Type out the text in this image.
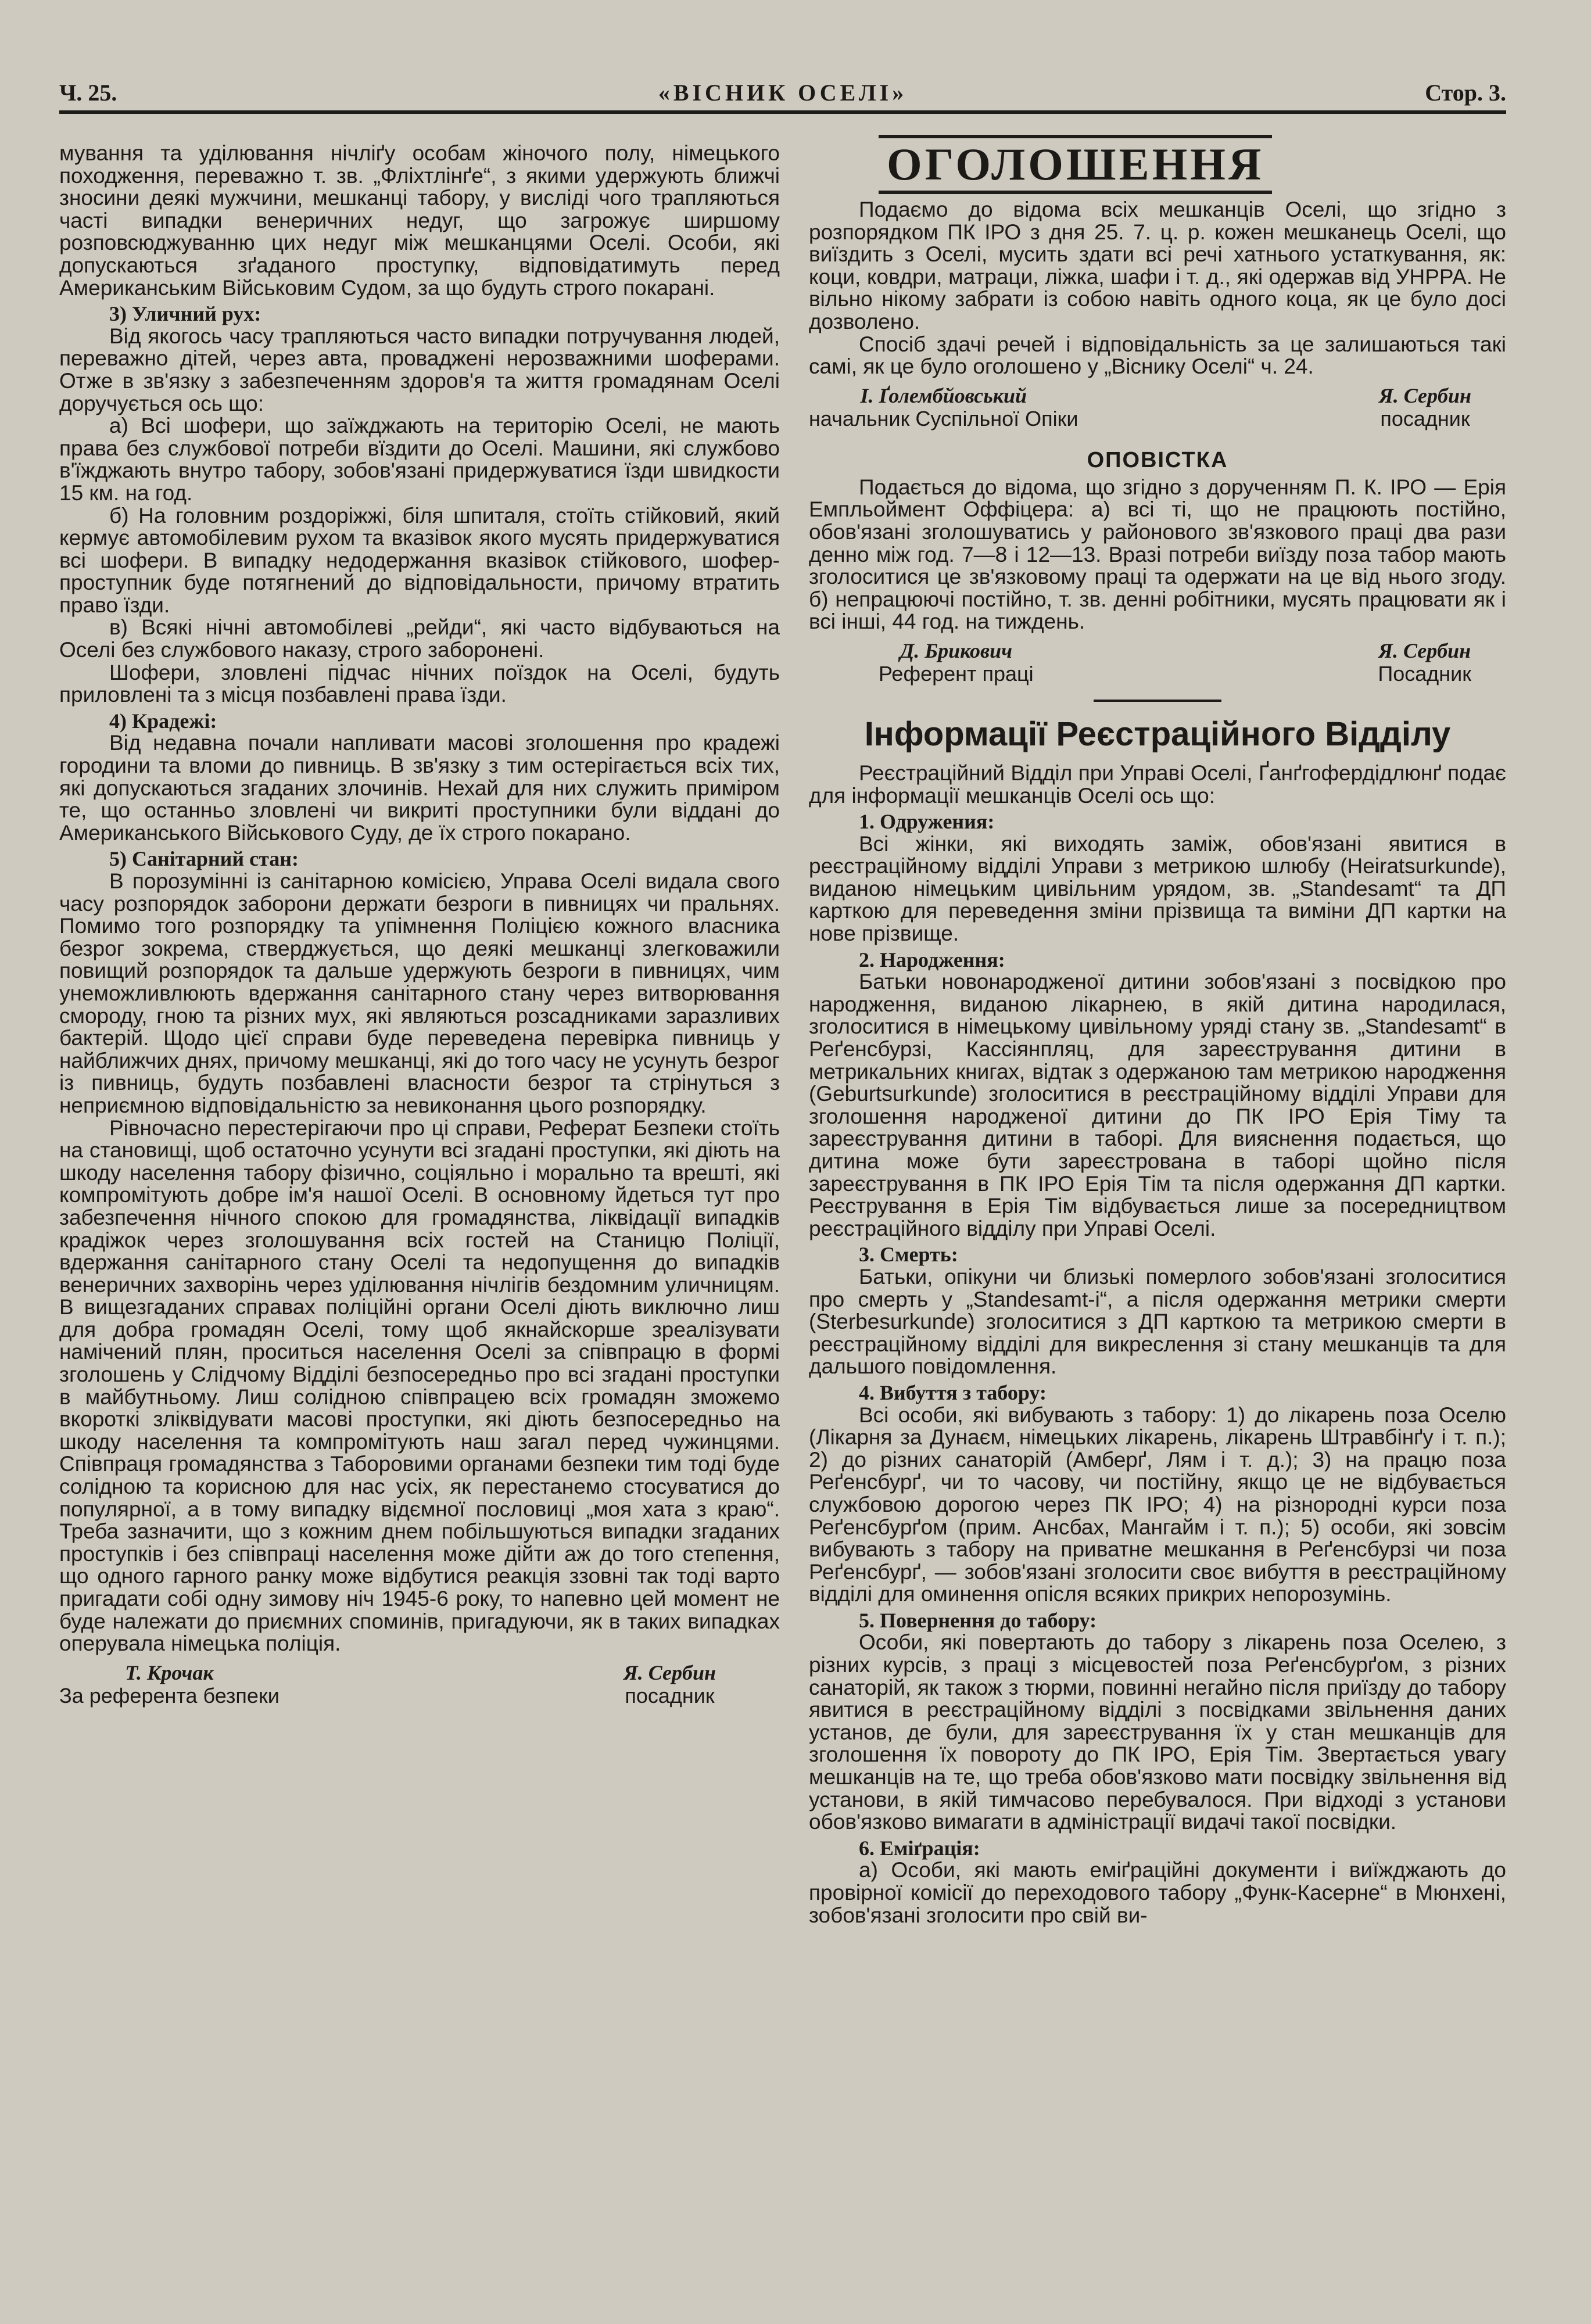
Ч. 25.	«ВІСНИК ОСЕЛІ»	Стор. 3.

мування та уділювання нічліґу особам жіночого полу, німецького походження, переважно т. зв. „Фліхтлінґе“, з якими удержують ближчі зносини деякі мужчини, мешканці табору, у висліді чого трапляються часті випадки венеричних недуг, що загрожує ширшому розповсюджуванню цих недуг між мешканцями Оселі. Особи, які допускаються зґаданого проступку, відповідатимуть перед Американським Військовим Судом, за що будуть строго покарані.

3) Уличний рух:

Від якогось часу трапляються часто випадки потручування людей, переважно дітей, через авта, провадженi нерозважними шоферами. Отже в зв'язку з забезпеченням здоров'я та життя громадянам Оселі доручується ось що:

а) Всі шофери, що заїжджають на територію Оселі, не мають права без службової потреби вїздити до Оселі. Машини, які службово в'їжджають внутро табору, зобов'язані придержуватися їзди швидкости 15 км. на год.

б) На головним роздоріжжі, біля шпиталя, стоїть стійковий, який кермує автомобілевим рухом та вказівок якого мусять придержуватися всі шофери. В випадку недодержання вказівок стійкового, шофер-проступник буде потягнений до відповідальности, причому втратить право їзди.

в) Всякі нічні автомобілеві „рейди“, які часто відбуваються на Оселі без службового наказу, строго заборонені.

Шофери, зловлені підчас нічних поїздок на Оселі, будуть приловлені та з місця позбавлені права їзди.

4) Крадежі:

Від недавна почали напливати масові зголошення про крадежі городини та вломи до пивниць. В зв'язку з тим остерігається всіх тих, які допускаються згаданих злочинів. Нехай для них служить приміром те, що останньо зловлені чи викриті проступники були віддані до Американського Військового Суду, де їх строго покарано.

5) Санітарний стан:

В порозумінні із санітарною комісією, Управа Оселі видала свого часу розпорядок заборони держати безроги в пивницях чи пральнях. Помимо того розпорядку та упімнення Поліцією кожного власника безрог зокрема, стверджується, що деякі мешканці злегковажили повищий розпорядок та дальше удержують безроги в пивницях, чим унеможливлюють вдержання санітарного стану через витворювання смороду, гною та різних мух, які являються розсадниками заразливих бактерій. Щодо цієї справи буде переведена перевірка пивниць у найближчих днях, причому мешканці, які до того часу не усунуть безрог із пивниць, будуть позбавлені власности безрог та стрінуться з неприємною відповідальністю за невиконання цього розпорядку.

Рівночасно перестерігаючи про ці справи, Реферат Безпеки стоїть на становищі, щоб остаточно усунути всі згадані проступки, які діють на шкоду населення табору фізично, соціяльно і морально та врешті, які компромітують добре ім'я нашої Оселі. В основному йдеться тут про забезпечення нічного спокою для громадянства, ліквідації випадків крадіжок через зголошування всіх гостей на Станицю Поліції, вдержання санітарного стану Оселі та недопущення до випадків венеричних захворінь через уділювання нічлігів бездомним уличницям. В вищезгаданих справах поліційні органи Оселі діють виключно лиш для добра громадян Оселі, тому щоб якнайскорше зреалізувати намічений плян, проситься населення Оселі за співпрацю в формі зголошень у Слідчому Відділі безпосередньо про всі згадані проступки в майбутньому. Лиш солідною співпрацею всіх громадян зможемо вкороткі зліквідувати масові проступки, які діють безпосередньо на шкоду населення та компромітують наш загал перед чужинцями. Співпраця громадянства з Таборовими органами безпеки тим тоді буде солідною та корисною для нас усіх, як перестанемо стосуватися до популярної, а в тому випадку відємної пословиці „моя хата з краю“. Треба зазначити, що з кожним днем побільшуються випадки згаданих проступків і без співпраці населення може дійти аж до того степення, що одного гарного ранку може відбутися реакція ззовні так тоді варто пригадати собі одну зимову ніч 1945-6 року, то напевно цей момент не буде належати до приємних споминів, пригадуючи, як в таких випадках оперувала німецька поліція.

Т. Крочак
За референта безпеки
Я. Сербин
посадник
ОГОЛОШЕННЯ

Подаємо до відома всіх мешканців Оселі, що згідно з розпорядком ПК ІРО з дня 25. 7. ц. р. кожен мешканець Оселі, що виїздить з Оселі, мусить здати всі речі хатнього устаткування, як: коци, ковдри, матраци, ліжка, шафи і т. д., які одержав від УНРРА. Не вільно нікому забрати із собою навіть одного коца, як це було досі дозволено.

Спосіб здачі речей і відповідальність за це залишаються такі самі, як це було оголошено у „Віснику Оселі“ ч. 24.

І. Ґолембйовський
начальник Суспільної Опіки
Я. Сербин
посадник
ОПОВІСТКА

Подається до відома, що згідно з дорученням П. К. ІРО — Ерія Емпльоймент Оффіцера: а) всі ті, що не працюють постійно, обов'язані зголошуватись у районового зв'язкового праці два рази денно між год. 7—8 і 12—13. Вразі потреби виїзду поза табор мають зголоситися це зв'язковому праці та одержати на це від нього згоду. б) непрацюючі постійно, т. зв. денні робітники, мусять працювати як і всі інші, 44 год. на тиждень.

Д. Брикович
Референт праці
Я. Сербин
Посадник
Інформації Реєстраційного Відділу

Реєстраційний Відділ при Управі Оселі, Ґанґгофердідлюнґ подає для інформації мешканців Оселі ось що:

1. Одружения:

Всі жінки, які виходять заміж, обов'язані явитися в реєстраційному відділі Управи з метрикою шлюбу (Heiratsurkunde), виданою німецьким цивільним урядом, зв. „Standesamt“ та ДП карткою для переведення зміни прізвища та виміни ДП картки на нове прізвище.

2. Народження:

Батьки новонародженої дитини зобов'язані з посвідкою про народження, виданою лікарнею, в якій дитина народилася, зголоситися в німецькому цивільному уряді стану зв. „Standesamt“ в Реґенсбурзі, Кассіянпляц, для зареєстрування дитини в метрикальних книгах, відтак з одержаною там метрикою народження (Geburtsurkunde) зголоситися в реєстраційному відділі Управи для зголошення народженої дитини до ПК ІРО Ерія Тіму та зареєстрування дитини в таборі. Для вияснення подається, що дитина може бути зареєстрована в таборі щойно після зареєстрування в ПК ІРО Ерія Тім та після одержання ДП картки. Реєстрування в Ерія Тім відбувається лише за посередництвом реєстраційного відділу при Управі Оселі.

3. Смерть:

Батьки, опікуни чи близькі померлого зобов'язані зголоситися про смерть у „Standesamt-і“, а після одержання метрики смерти (Sterbesurkunde) зголоситися з ДП карткою та метрикою смерти в реєстраційному відділі для викреслення зі стану мешканців та для дальшого повідомлення.

4. Вибуття з табору:

Всі особи, які вибувають з табору: 1) до лікарень поза Оселю (Лікарня за Дунаєм, німецьких лікарень, лікарень Штравбінґу і т. п.); 2) до різних санаторій (Амберґ, Лям і т. д.); 3) на працю поза Реґенсбурґ, чи то часову, чи постійну, якщо це не відбувається службовою дорогою через ПК ІРО; 4) на різнородні курси поза Реґенсбурґом (прим. Ансбах, Мангайм і т. п.); 5) особи, які зовсім вибувають з табору на приватне мешкання в Реґенсбурзі чи поза Реґенсбурґ, — зобов'язані зголосити своє вибуття в реєстраційному відділі для оминення опісля всяких прикрих непорозумінь.

5. Повернення до табору:

Особи, які повертають до табору з лікарень поза Оселею, з різних курсів, з праці з місцевостей поза Реґенсбурґом, з різних санаторій, як також з тюрми, повинні негайно після приїзду до табору явитися в реєстраційному відділі з посвідками звільнення даних установ, де були, для зареєстрування їх у стан мешканців для зголошення їх повороту до ПК ІРО, Ерія Тім. Звертається увагу мешканців на те, що треба обов'язково мати посвідку звільнення від установи, в якій тимчасово перебувалося. При відході з установи обов'язково вимагати в адміністрації видачі такої посвідки.

6. Еміґрація:

а) Особи, які мають еміґраційні документи і виїжджають до провірної комісії до переходового табору „Функ-Касерне“ в Мюнхені, зобов'язані зголосити про свій ви-
